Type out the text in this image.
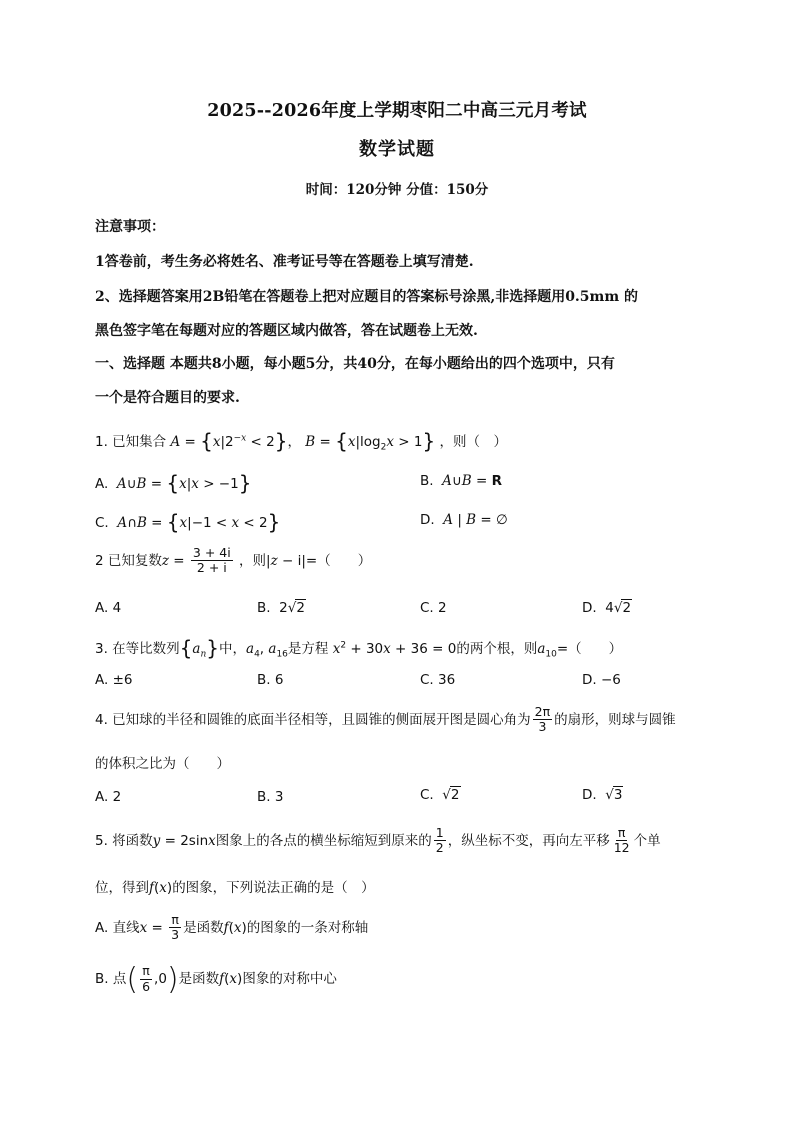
2025--2026年度上学期枣阳二中高三元月考试
数学试题
时间：120分钟 分值：150分
注意事项：
1答卷前，考生务必将姓名、准考证号等在答题卷上填写清楚.
2、选择题答案用2B铅笔在答题卷上把对应题目的答案标号涂黑,非选择题用0.5mm 的
黑色签字笔在每题对应的答题区域内做答，答在试题卷上无效.
一、选择题 本题共8小题，每小题5分，共40分，在每小题给出的四个选项中，只有
一个是符合题目的要求.
1. 已知集合 $A = \{x|2^{-x} < 2\}$， $B = \{x|\log_2x > 1\}$ ，则（　）
A. A∪B = {x|x > −1}	B. A∪B = R
C. A∩B = {x|−1 < x < 2}	D. A | B = ∅
2 已知复数$z = \frac{3 + 4i}{2 + i}$ ，则|z − i|=（　　）
A. 4	B.  2√2	C. 2	D.  4√2
3. 在等比数列$\{a_n\}$中，$a_4$, $a_{16}$是方程 $x^2 + 30x + 36 = 0$的两个根，则$a_{10}=$（　　）
A. ±6	B. 6	C. 36	D. −6
4. 已知球的半径和圆锥的底面半径相等，且圆锥的侧面展开图是圆心角为 $\frac{2\pi}{3}$ 的扇形，则球与圆锥
的体积之比为（　　）
A. 2	B. 3	C.  √2	D.  √3
5. 将函数y = 2sinx图象上的各点的横坐标缩短到原来的 $\frac{1}{2}$ ，纵坐标不变，再向左平移 $\frac{\pi}{12}$ 个单
位，得到f(x)的图象，下列说法正确的是（　）
A. 直线$x = \frac{\pi}{3}$ 是函数f(x)的图象的一条对称轴
B. 点( $\frac{\pi}{6} ,0$)是函数f(x)图象的对称中心
